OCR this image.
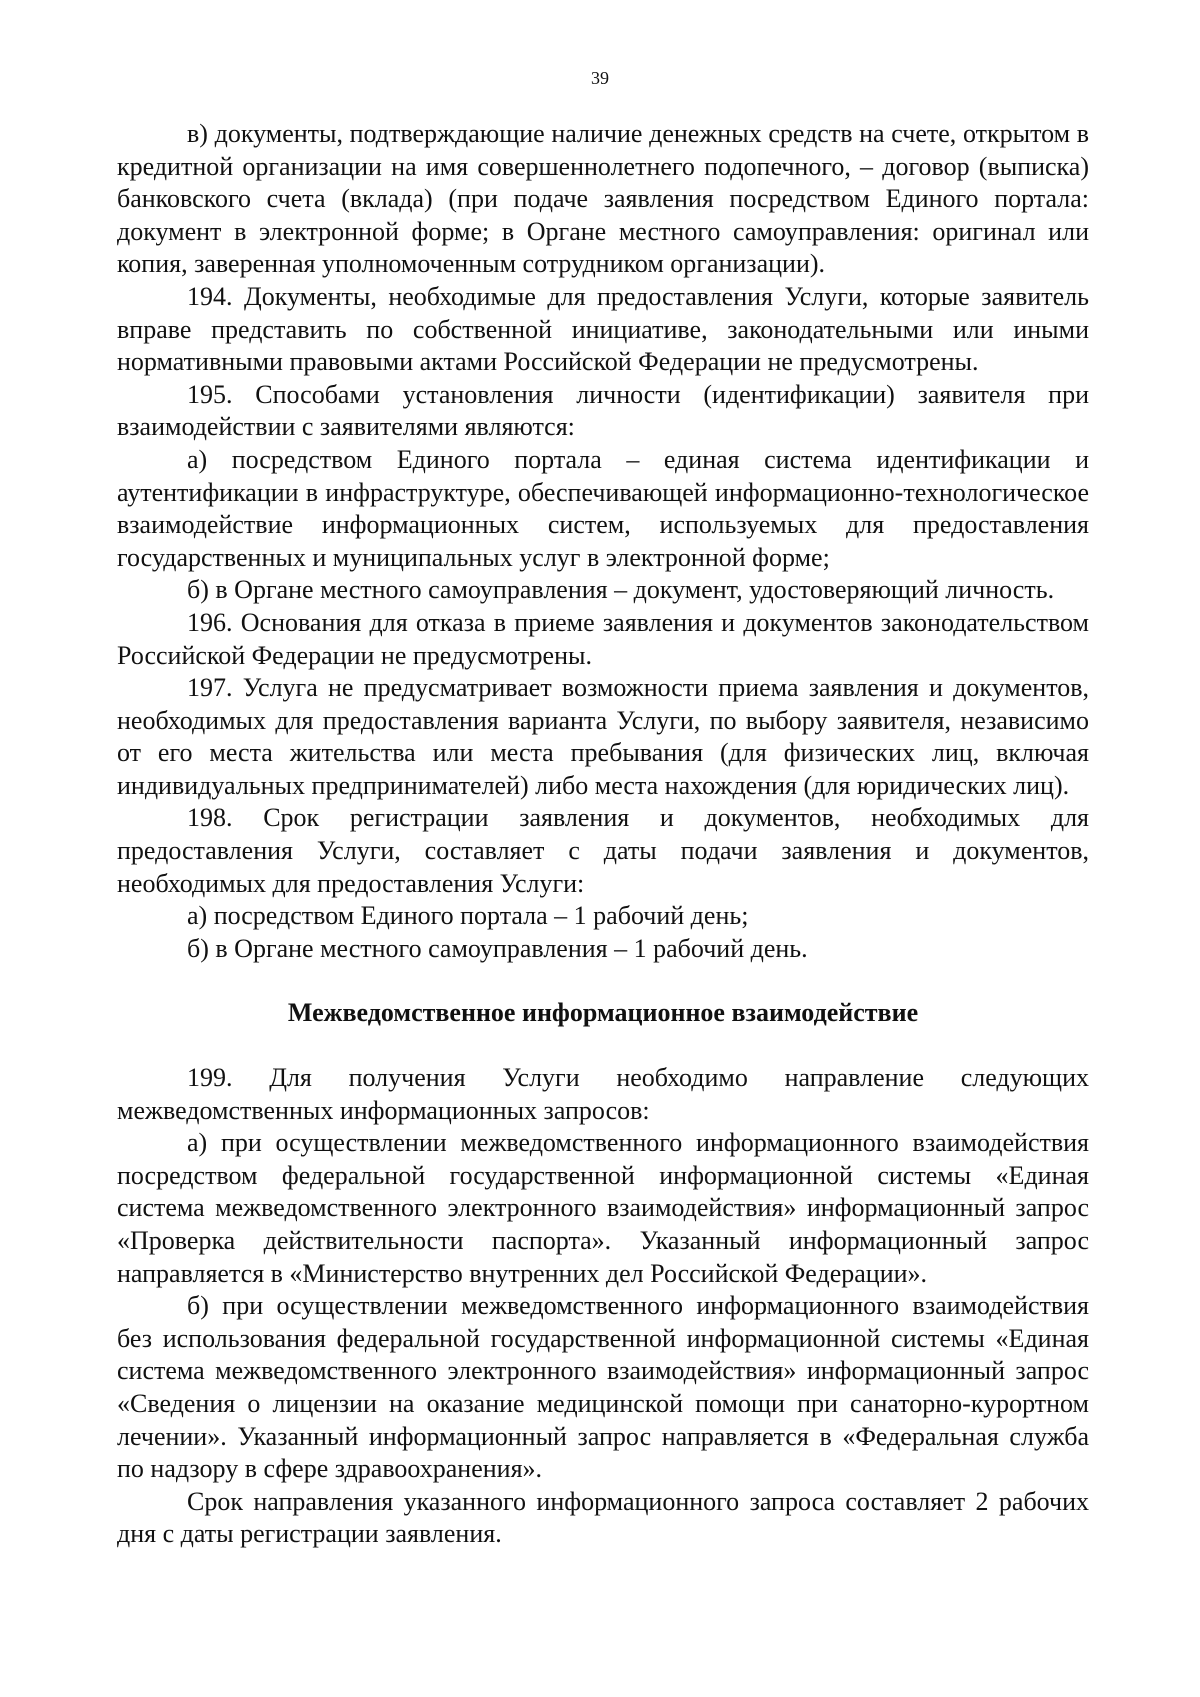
39

в) документы, подтверждающие наличие денежных средств на счете, открытом в кредитной организации на имя совершеннолетнего подопечного, – договор (выписка) банковского счета (вклада) (при подаче заявления посредством Единого портала: документ в электронной форме; в Органе местного самоуправления: оригинал или копия, заверенная уполномоченным сотрудником организации).

194. Документы, необходимые для предоставления Услуги, которые заявитель вправе представить по собственной инициативе, законодательными или иными нормативными правовыми актами Российской Федерации не предусмотрены.

195. Способами установления личности (идентификации) заявителя при взаимодействии с заявителями являются:

а) посредством Единого портала – единая система идентификации и аутентификации в инфраструктуре, обеспечивающей информационно-технологическое взаимодействие информационных систем, используемых для предоставления государственных и муниципальных услуг в электронной форме;

б) в Органе местного самоуправления – документ, удостоверяющий личность.

196. Основания для отказа в приеме заявления и документов законодательством Российской Федерации не предусмотрены.

197. Услуга не предусматривает возможности приема заявления и документов, необходимых для предоставления варианта Услуги, по выбору заявителя, независимо от его места жительства или места пребывания (для физических лиц, включая индивидуальных предпринимателей) либо места нахождения (для юридических лиц).

198. Срок регистрации заявления и документов, необходимых для предоставления Услуги, составляет с даты подачи заявления и документов, необходимых для предоставления Услуги:

а) посредством Единого портала – 1 рабочий день;

б) в Органе местного самоуправления – 1 рабочий день.

Межведомственное информационное взаимодействие

199. Для получения Услуги необходимо направление следующих межведомственных информационных запросов:

а) при осуществлении межведомственного информационного взаимодействия посредством федеральной государственной информационной системы «Единая система межведомственного электронного взаимодействия» информационный запрос «Проверка действительности паспорта». Указанный информационный запрос направляется в «Министерство внутренних дел Российской Федерации».

б) при осуществлении межведомственного информационного взаимодействия без использования федеральной государственной информационной системы «Единая система межведомственного электронного взаимодействия» информационный запрос «Сведения о лицензии на оказание медицинской помощи при санаторно-курортном лечении». Указанный информационный запрос направляется в «Федеральная служба по надзору в сфере здравоохранения».

Срок направления указанного информационного запроса составляет 2 рабочих дня с даты регистрации заявления.
